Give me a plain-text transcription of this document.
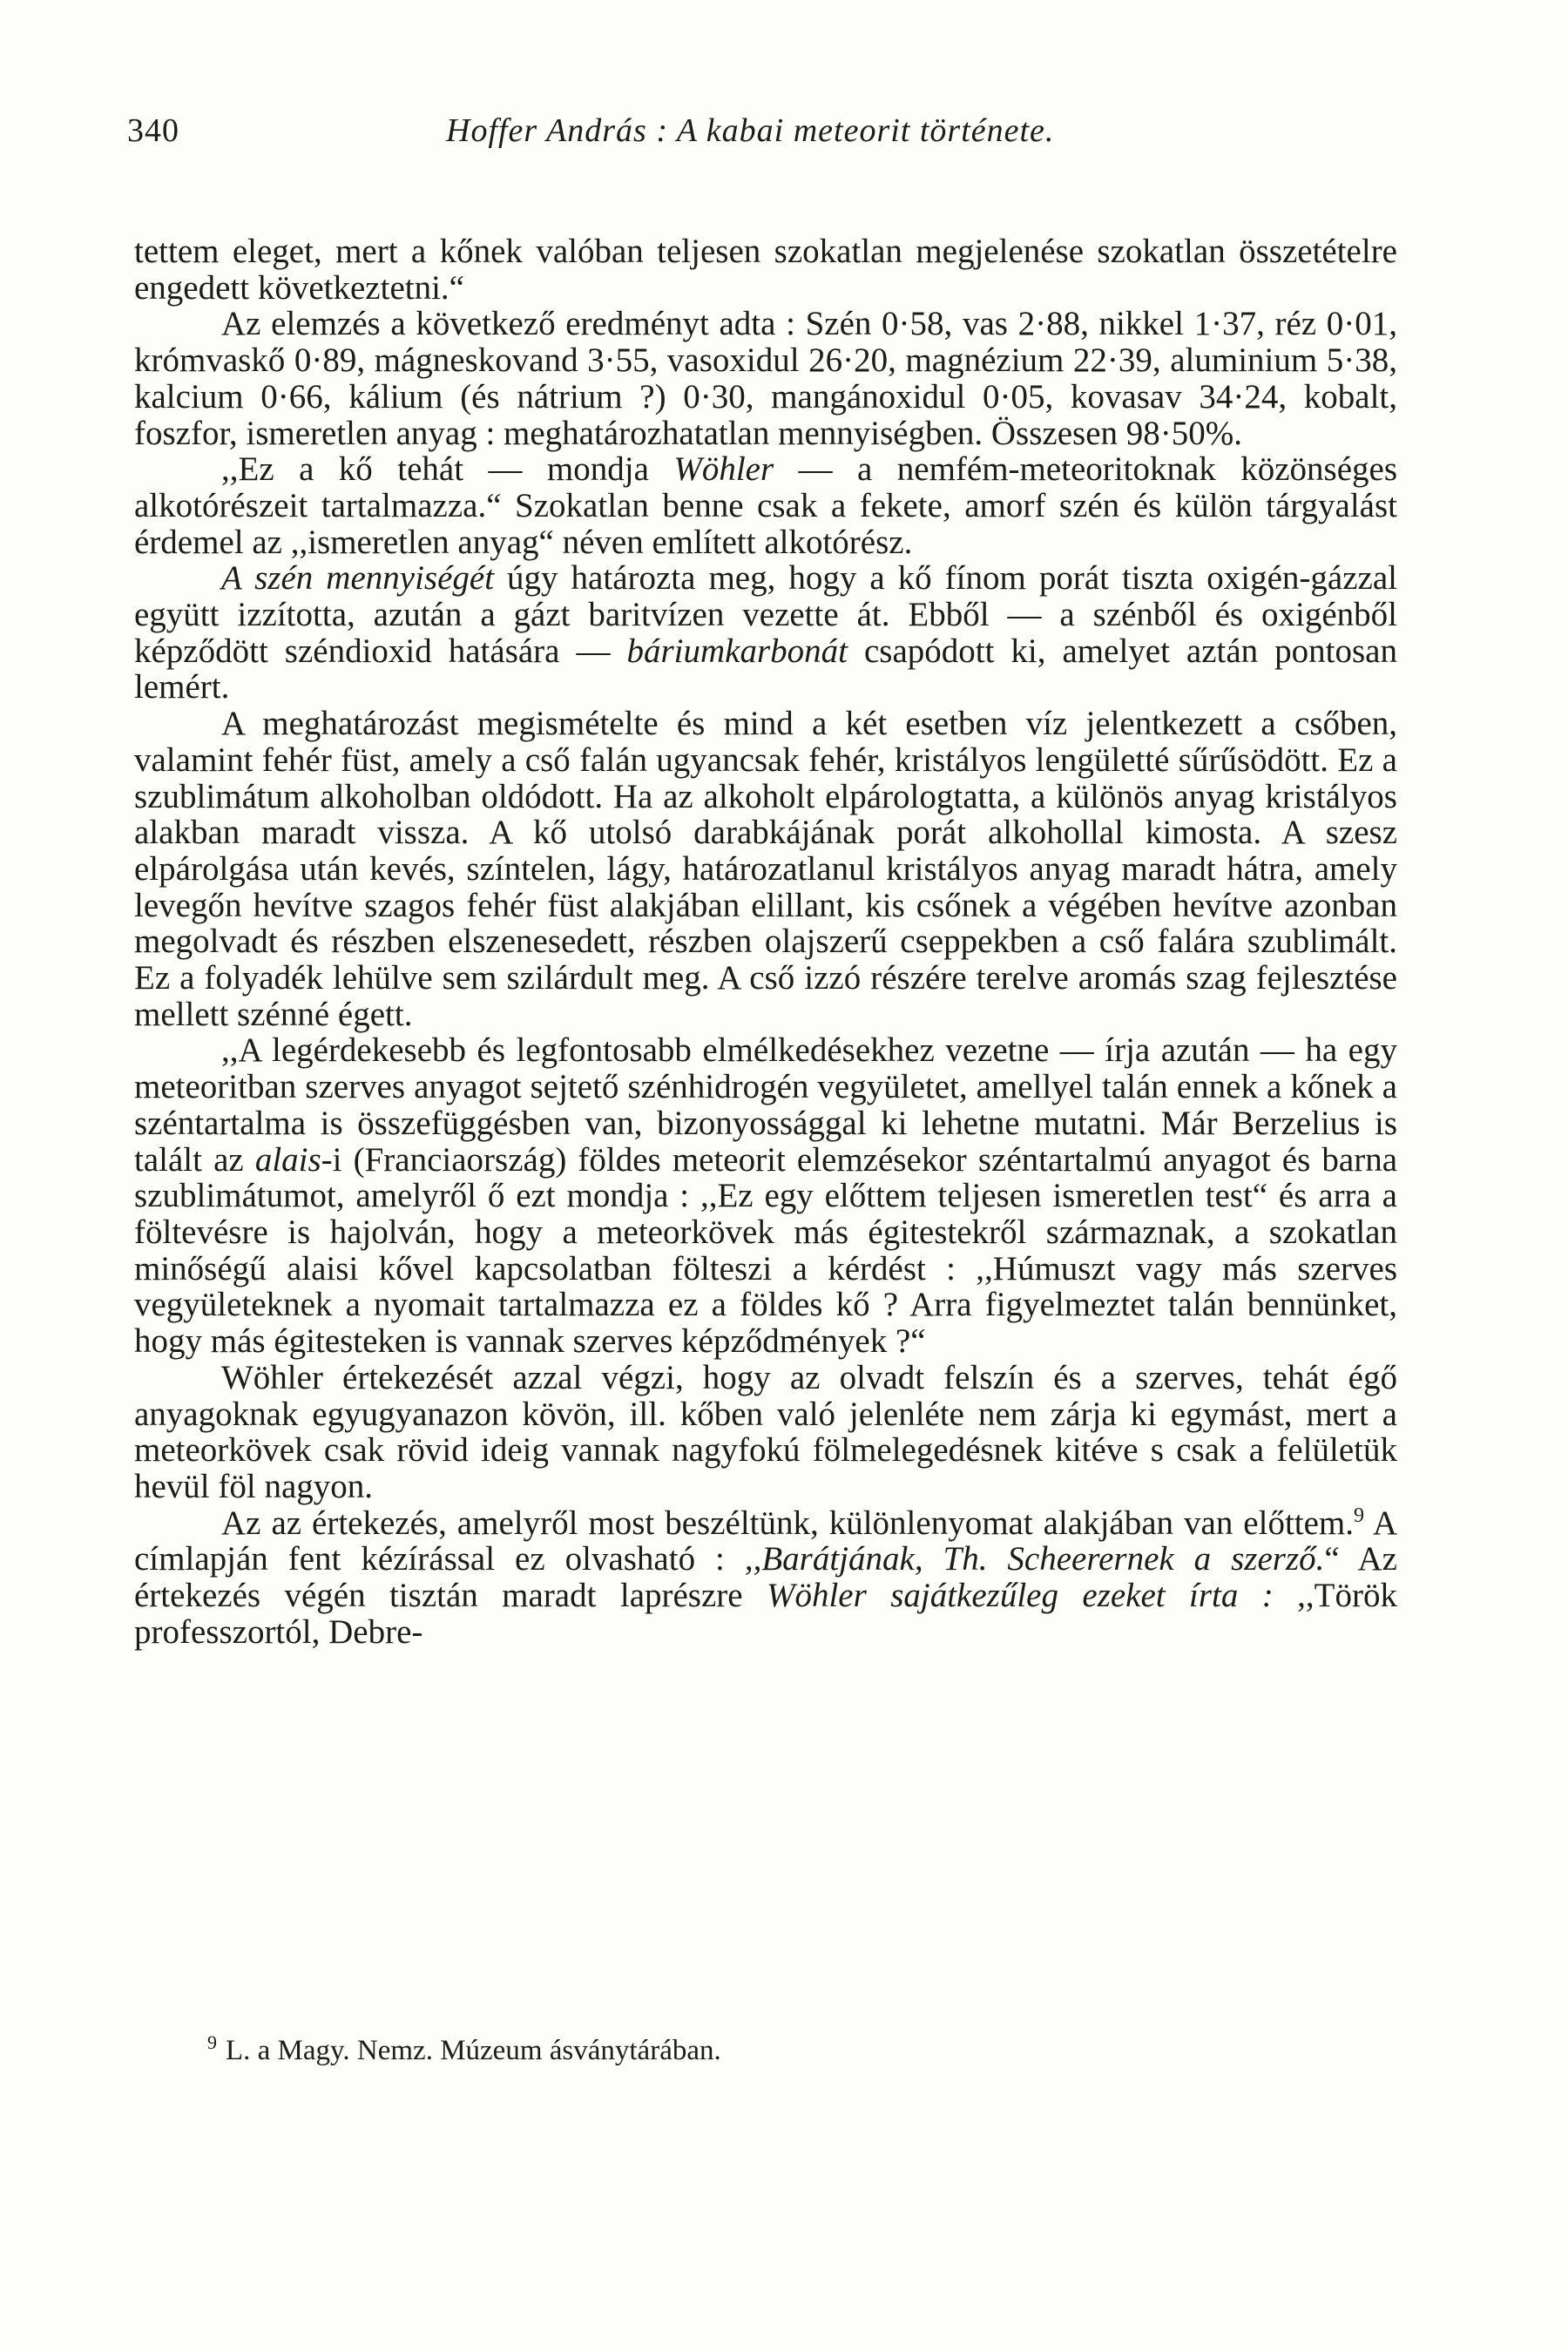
340	Hoffer András : A kabai meteorit története.

tettem eleget, mert a kőnek valóban teljesen szokatlan megjelenése szokatlan összetételre engedett következtetni.“

Az elemzés a következő eredményt adta : Szén 0·58, vas 2·88, nikkel 1·37, réz 0·01, krómvaskő 0·89, mágneskovand 3·55, vasoxidul 26·20, magnézium 22·39, aluminium 5·38, kalcium 0·66, kálium (és nátrium ?) 0·30, mangánoxidul 0·05, kovasav 34·24, kobalt, foszfor, ismeretlen anyag : meghatározhatatlan mennyiségben. Összesen 98·50%.

,,Ez a kő tehát — mondja Wöhler — a nemfém-meteoritoknak közönséges alkotórészeit tartalmazza.“ Szokatlan benne csak a fekete, amorf szén és külön tárgyalást érdemel az ,,ismeretlen anyag“ néven említett alkotórész.

A szén mennyiségét úgy határozta meg, hogy a kő fínom porát tiszta oxigén-gázzal együtt izzította, azután a gázt baritvízen vezette át. Ebből — a szénből és oxigénből képződött széndioxid hatására — báriumkarbonát csapódott ki, amelyet aztán pontosan lemért.

A meghatározást megismételte és mind a két esetben víz jelentkezett a csőben, valamint fehér füst, amely a cső falán ugyancsak fehér, kristályos lengületté sűrűsödött. Ez a szublimátum alkoholban oldódott. Ha az alkoholt elpárologtatta, a különös anyag kristályos alakban maradt vissza. A kő utolsó darabkájának porát alkohollal kimosta. A szesz elpárolgása után kevés, színtelen, lágy, határozatlanul kristályos anyag maradt hátra, amely levegőn hevítve szagos fehér füst alakjában elillant, kis csőnek a végében hevítve azonban megolvadt és részben elszenesedett, részben olajszerű cseppekben a cső falára szublimált. Ez a folyadék lehülve sem szilárdult meg. A cső izzó részére terelve aromás szag fejlesztése mellett szénné égett.

,,A legérdekesebb és legfontosabb elmélkedésekhez vezetne — írja azután — ha egy meteoritban szerves anyagot sejtető szénhidrogén vegyületet, amellyel talán ennek a kőnek a széntartalma is összefüggésben van, bizonyossággal ki lehetne mutatni. Már Berzelius is talált az alais-i (Franciaország) földes meteorit elemzésekor széntartalmú anyagot és barna szublimátumot, amelyről ő ezt mondja : ,,Ez egy előttem teljesen ismeretlen test“ és arra a föltevésre is hajolván, hogy a meteorkövek más égitestekről származnak, a szokatlan minőségű alaisi kővel kapcsolatban fölteszi a kérdést : ,,Húmuszt vagy más szerves vegyületeknek a nyomait tartalmazza ez a földes kő ? Arra figyelmeztet talán bennünket, hogy más égitesteken is vannak szerves képződmények ?“

Wöhler értekezését azzal végzi, hogy az olvadt felszín és a szerves, tehát égő anyagoknak egyugyanazon kövön, ill. kőben való jelenléte nem zárja ki egymást, mert a meteorkövek csak rövid ideig vannak nagyfokú fölmelegedésnek kitéve s csak a felületük hevül föl nagyon.

Az az értekezés, amelyről most beszéltünk, különlenyomat alakjában van előttem.$^9$ A címlapján fent kézírással ez olvasható : ,,Barátjának, Th. Scheerernek a szerző.“ Az értekezés végén tisztán maradt laprészre Wöhler sajátkezűleg ezeket írta : ,,Török professzortól, Debre-

$^9$ L. a Magy. Nemz. Múzeum ásványtárában.
